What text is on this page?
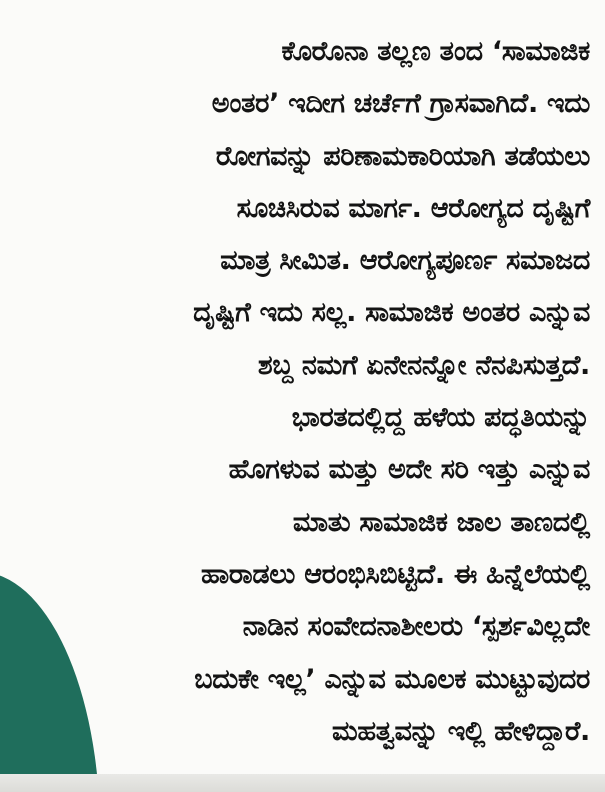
ಕೊರೊನಾ ತಲ್ಲಣ ತಂದ ‘ಸಾಮಾಜಿಕ
ಅಂತರ’ ಇದೀಗ ಚರ್ಚೆಗೆ ಗ್ರಾಸವಾಗಿದೆ. ಇದು
ರೋಗವನ್ನು ಪರಿಣಾಮಕಾರಿಯಾಗಿ ತಡೆಯಲು
ಸೂಚಿಸಿರುವ ಮಾರ್ಗ. ಆರೋಗ್ಯದ ದೃಷ್ಟಿಗೆ
ಮಾತ್ರ ಸೀಮಿತ. ಆರೋಗ್ಯಪೂರ್ಣ ಸಮಾಜದ
ದೃಷ್ಟಿಗೆ ಇದು ಸಲ್ಲ. ಸಾಮಾಜಿಕ ಅಂತರ ಎನ್ನುವ
ಶಬ್ದ ನಮಗೆ ಏನೇನನ್ನೋ ನೆನಪಿಸುತ್ತದೆ.
ಭಾರತದಲ್ಲಿದ್ದ ಹಳೆಯ ಪದ್ಧತಿಯನ್ನು
ಹೊಗಳುವ ಮತ್ತು ಅದೇ ಸರಿ ಇತ್ತು ಎನ್ನುವ
ಮಾತು ಸಾಮಾಜಿಕ ಜಾಲ ತಾಣದಲ್ಲಿ
ಹಾರಾಡಲು ಆರಂಭಿಸಿಬಿಟ್ಟಿದೆ. ಈ ಹಿನ್ನೆಲೆಯಲ್ಲಿ
ನಾಡಿನ ಸಂವೇದನಾಶೀಲರು ‘ಸ್ಪರ್ಶವಿಲ್ಲದೇ
ಬದುಕೇ ಇಲ್ಲ’ ಎನ್ನುವ ಮೂಲಕ ಮುಟ್ಟುವುದರ
ಮಹತ್ವವನ್ನು ಇಲ್ಲಿ ಹೇಳಿದ್ದಾರೆ.
